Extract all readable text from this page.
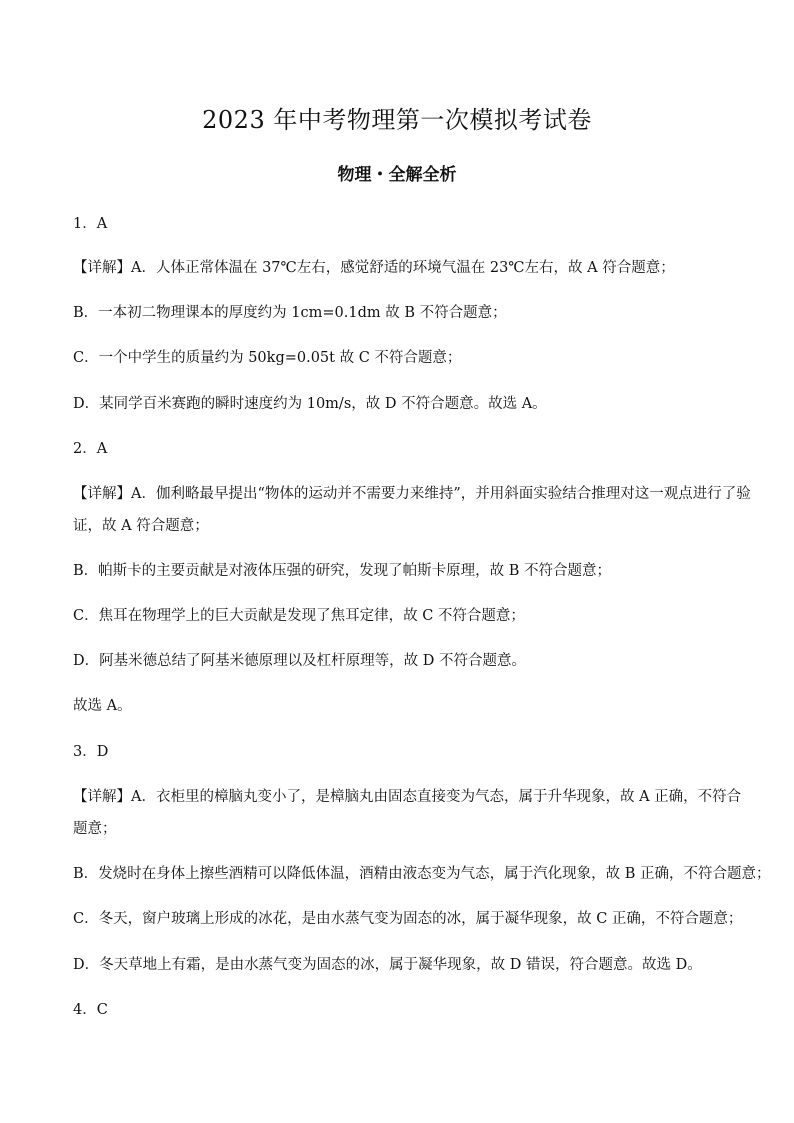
2023 年中考物理第一次模拟考试卷
物理・全解全析
1．A
【详解】A．人体正常体温在 37℃左右，感觉舒适的环境气温在 23℃左右，故 A 符合题意；
B．一本初二物理课本的厚度约为 1cm=0.1dm 故 B 不符合题意；
C．一个中学生的质量约为 50kg=0.05t 故 C 不符合题意；
D．某同学百米赛跑的瞬时速度约为 10m/s，故 D 不符合题意。故选 A。
2．A
【详解】A．伽利略最早提出“物体的运动并不需要力来维持”，并用斜面实验结合推理对这一观点进行了验
证，故 A 符合题意；
B．帕斯卡的主要贡献是对液体压强的研究，发现了帕斯卡原理，故 B 不符合题意；
C．焦耳在物理学上的巨大贡献是发现了焦耳定律，故 C 不符合题意；
D．阿基米德总结了阿基米德原理以及杠杆原理等，故 D 不符合题意。
故选 A。
3．D
【详解】A．衣柜里的樟脑丸变小了，是樟脑丸由固态直接变为气态，属于升华现象，故 A 正确，不符合
题意；
B．发烧时在身体上擦些酒精可以降低体温，酒精由液态变为气态，属于汽化现象，故 B 正确，不符合题意；
C．冬天，窗户玻璃上形成的冰花，是由水蒸气变为固态的冰，属于凝华现象，故 C 正确，不符合题意；
D．冬天草地上有霜，是由水蒸气变为固态的冰，属于凝华现象，故 D 错误，符合题意。故选 D。
4．C
